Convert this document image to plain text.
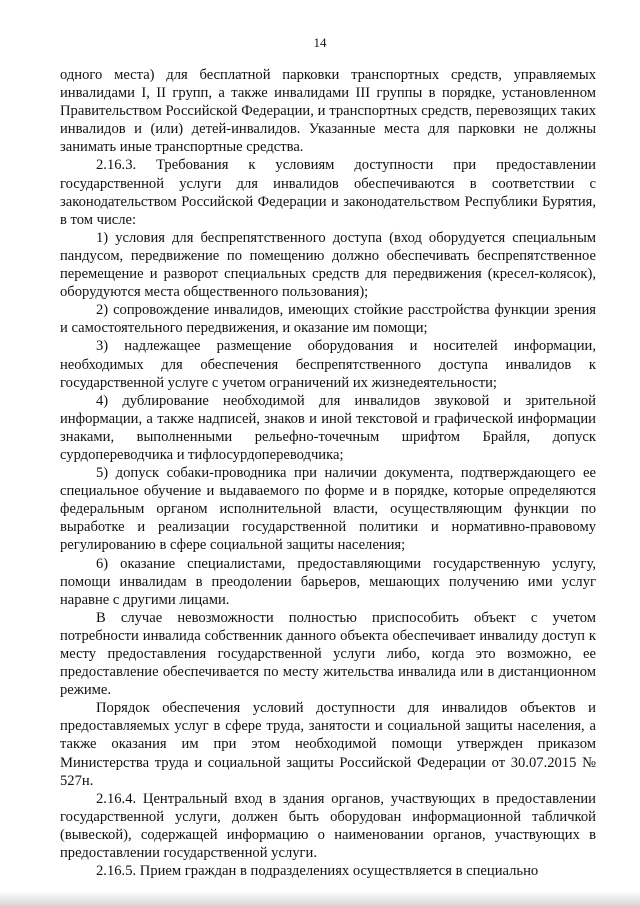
14

одного места) для бесплатной парковки транспортных средств, управляемых инвалидами I, II групп, а также инвалидами III группы в порядке, установленном Правительством Российской Федерации, и транспортных средств, перевозящих таких инвалидов и (или) детей-инвалидов. Указанные места для парковки не должны занимать иные транспортные средства.

2.16.3. Требования к условиям доступности при предоставлении государственной услуги для инвалидов обеспечиваются в соответствии с законодательством Российской Федерации и законодательством Республики Бурятия, в том числе:

1) условия для беспрепятственного доступа (вход оборудуется специальным пандусом, передвижение по помещению должно обеспечивать беспрепятственное перемещение и разворот специальных средств для передвижения (кресел-колясок), оборудуются места общественного пользования);

2) сопровождение инвалидов, имеющих стойкие расстройства функции зрения и самостоятельного передвижения, и оказание им помощи;

3) надлежащее размещение оборудования и носителей информации, необходимых для обеспечения беспрепятственного доступа инвалидов к государственной услуге с учетом ограничений их жизнедеятельности;

4) дублирование необходимой для инвалидов звуковой и зрительной информации, а также надписей, знаков и иной текстовой и графической информации знаками, выполненными рельефно-точечным шрифтом Брайля, допуск сурдопереводчика и тифлосурдопереводчика;

5) допуск собаки-проводника при наличии документа, подтверждающего ее специальное обучение и выдаваемого по форме и в порядке, которые определяются федеральным органом исполнительной власти, осуществляющим функции по выработке и реализации государственной политики и нормативно-правовому регулированию в сфере социальной защиты населения;

6) оказание специалистами, предоставляющими государственную услугу, помощи инвалидам в преодолении барьеров, мешающих получению ими услуг наравне с другими лицами.

В случае невозможности полностью приспособить объект с учетом потребности инвалида собственник данного объекта обеспечивает инвалиду доступ к месту предоставления государственной услуги либо, когда это возможно, ее предоставление обеспечивается по месту жительства инвалида или в дистанционном режиме.

Порядок обеспечения условий доступности для инвалидов объектов и предоставляемых услуг в сфере труда, занятости и социальной защиты населения, а также оказания им при этом необходимой помощи утвержден приказом Министерства труда и социальной защиты Российской Федерации от 30.07.2015 № 527н.

2.16.4. Центральный вход в здания органов, участвующих в предоставлении государственной услуги, должен быть оборудован информационной табличкой (вывеской), содержащей информацию о наименовании органов, участвующих в предоставлении государственной услуги.

2.16.5. Прием граждан в подразделениях осуществляется в специально
